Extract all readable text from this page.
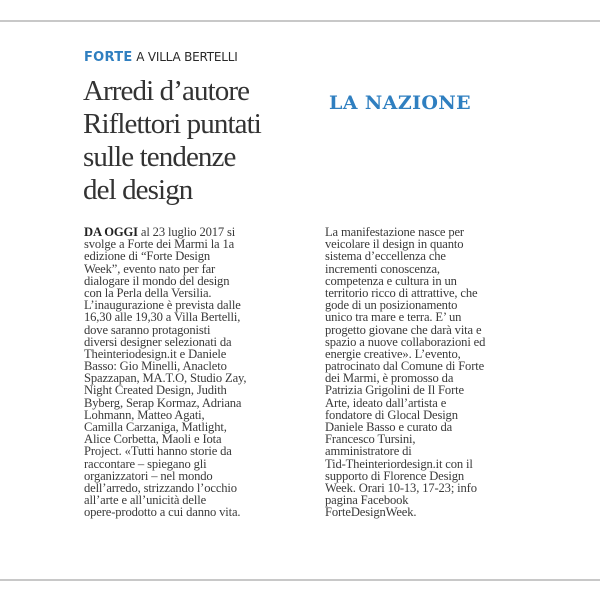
FORTE A VILLA BERTELLI
Arredi d’autore
Riflettori puntati
sulle tendenze
del design
LA NAZIONE
DA OGGI al 23 luglio 2017 si
svolge a Forte dei Marmi la 1a
edizione di “Forte Design
Week”, evento nato per far
dialogare il mondo del design
con la Perla della Versilia.
L’inaugurazione è prevista dalle
16,30 alle 19,30 a Villa Bertelli,
dove saranno protagonisti
diversi designer selezionati da
Theinteriodesign.it e Daniele
Basso: Gio Minelli, Anacleto
Spazzapan, MA.T.O, Studio Zay,
Night Created Design, Judith
Byberg, Serap Kormaz, Adriana
Lohmann, Matteo Agati,
Camilla Carzaniga, Matlight,
Alice Corbetta, Maoli e Iota
Project. «Tutti hanno storie da
raccontare – spiegano gli
organizzatori – nel mondo
dell’arredo, strizzando l’occhio
all’arte e all’unicità delle
opere-prodotto a cui danno vita.
La manifestazione nasce per
veicolare il design in quanto
sistema d’eccellenza che
incrementi conoscenza,
competenza e cultura in un
territorio ricco di attrattive, che
gode di un posizionamento
unico tra mare e terra. E’ un
progetto giovane che darà vita e
spazio a nuove collaborazioni ed
energie creative». L’evento,
patrocinato dal Comune di Forte
dei Marmi, è promosso da
Patrizia Grigolini de Il Forte
Arte, ideato dall’artista e
fondatore di Glocal Design
Daniele Basso e curato da
Francesco Tursini,
amministratore di
Tid-Theinteriordesign.it con il
supporto di Florence Design
Week. Orari 10-13, 17-23; info
pagina Facebook
ForteDesignWeek.
